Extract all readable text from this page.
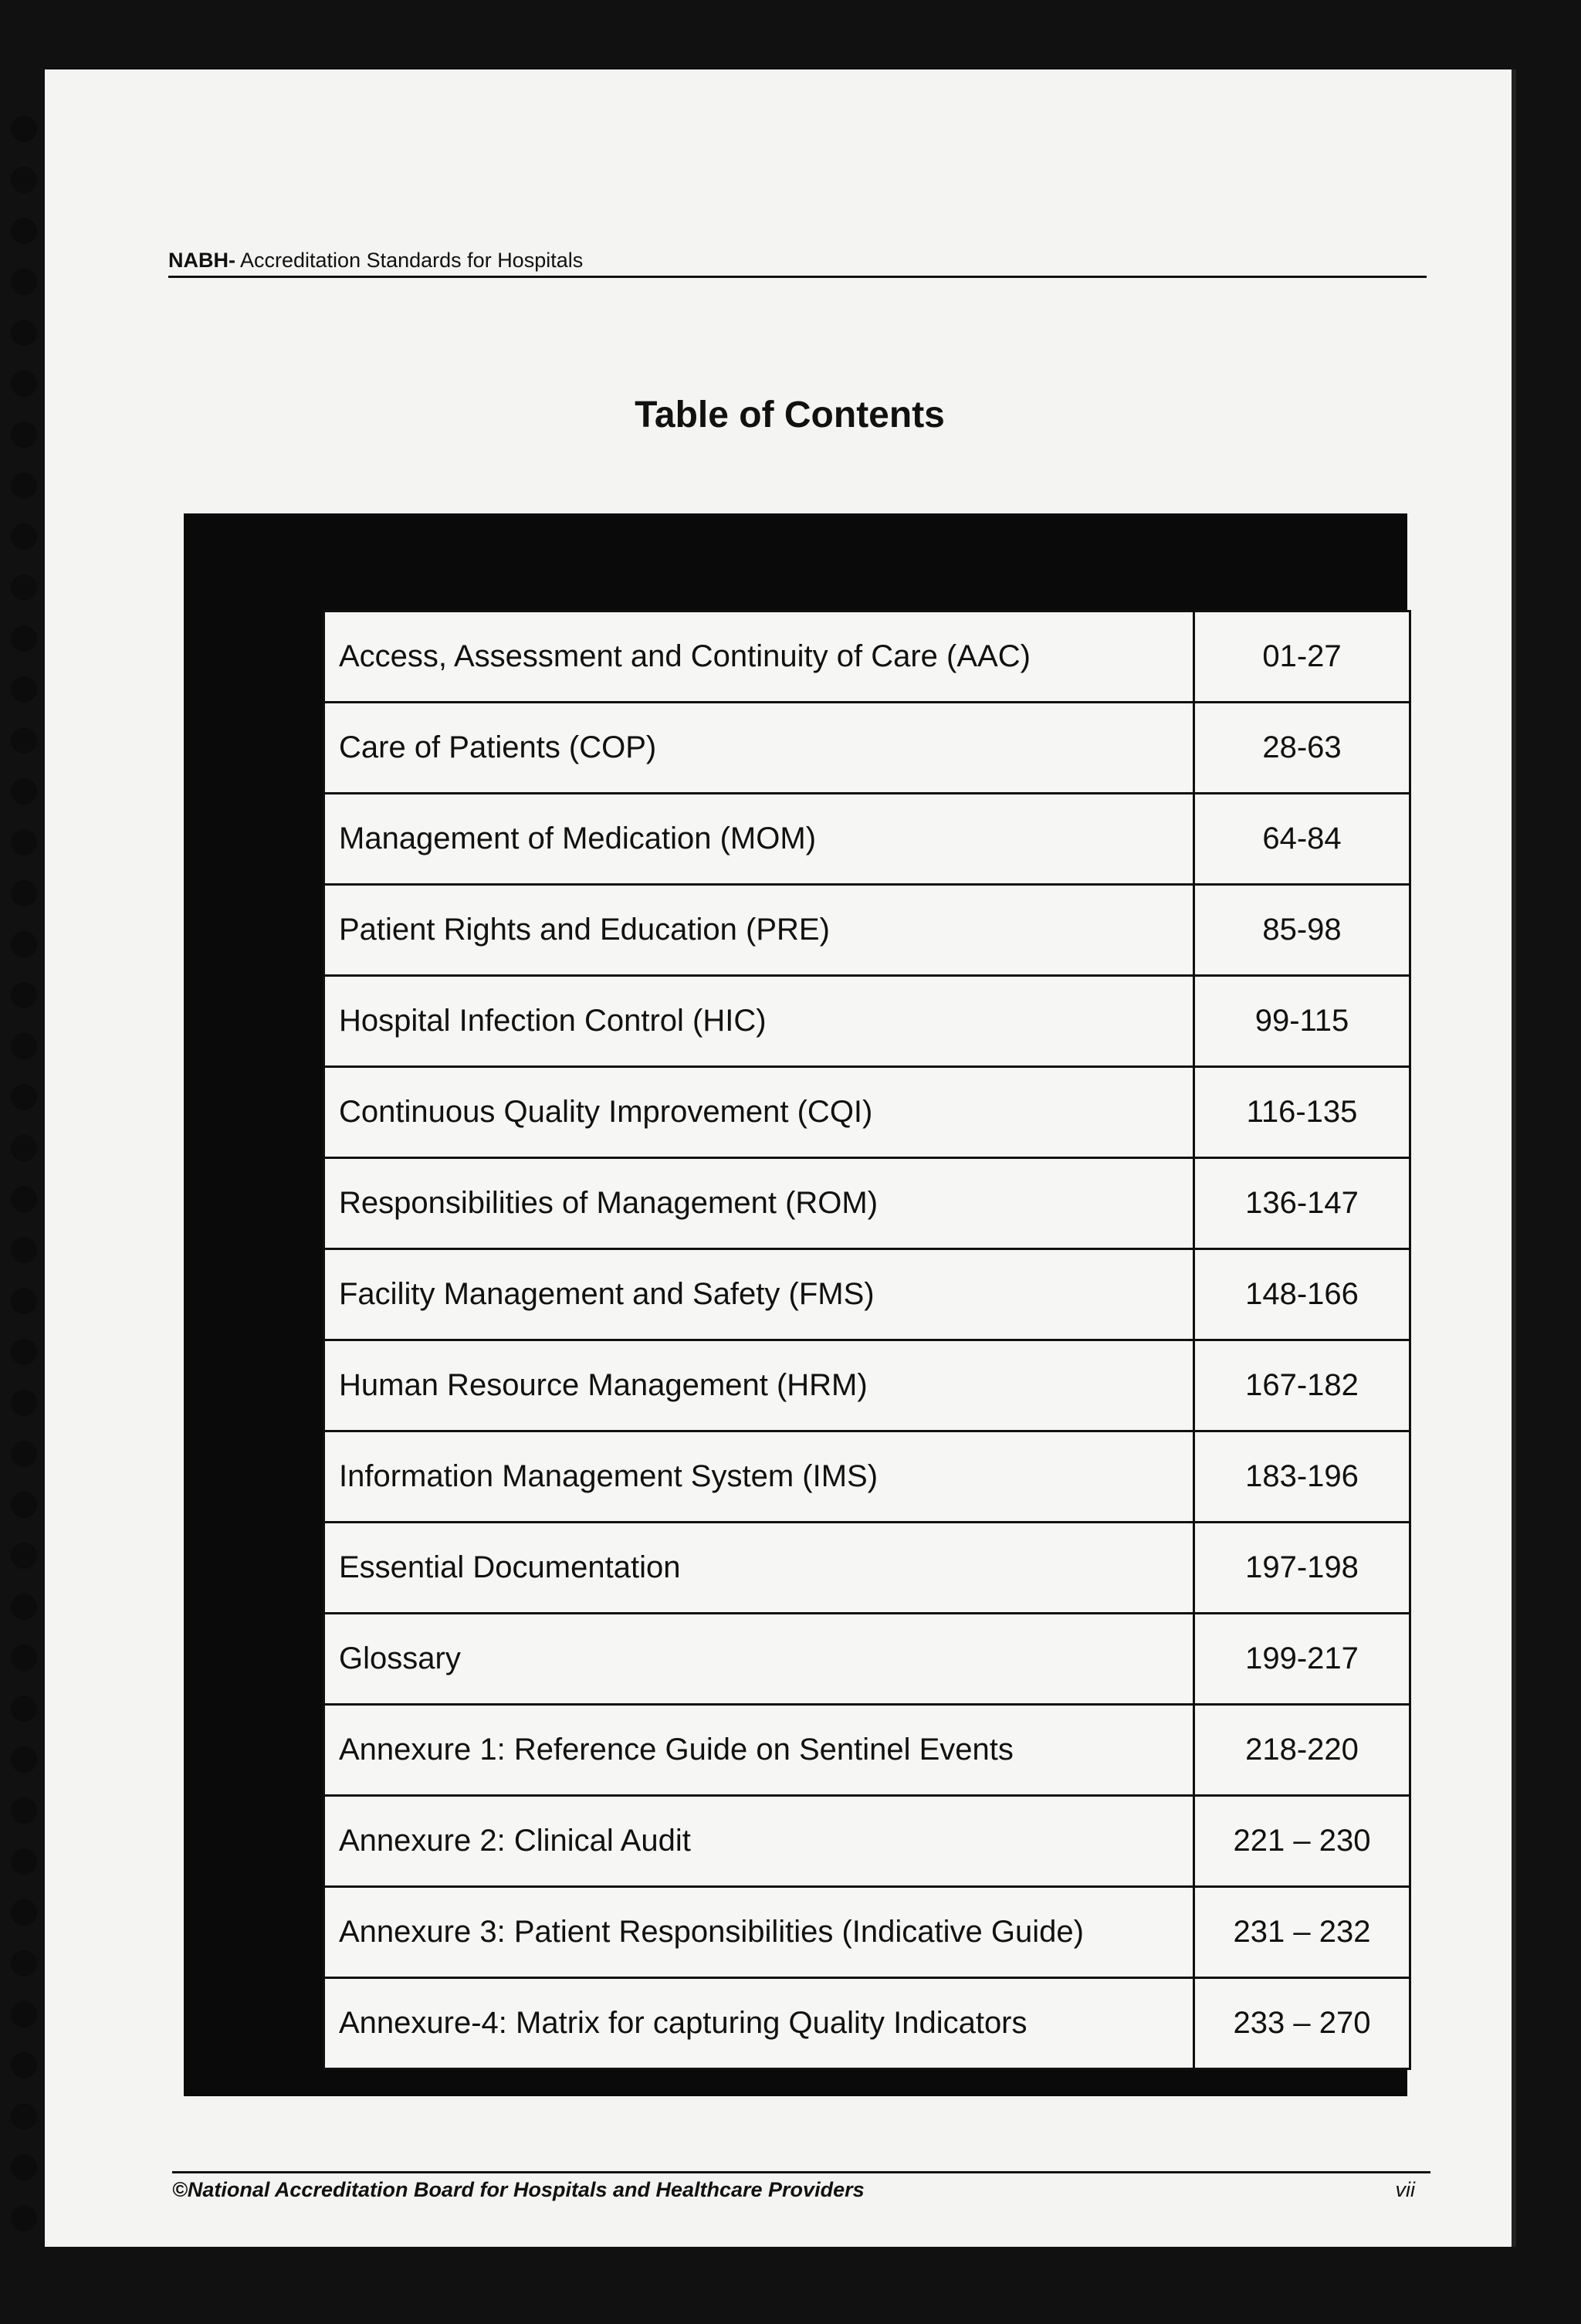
NABH- Accreditation Standards for Hospitals
Table of Contents
Access, Assessment and Continuity of Care (AAC)	01-27
Care of Patients (COP)	28-63
Management of Medication (MOM)	64-84
Patient Rights and Education (PRE)	85-98
Hospital Infection Control (HIC)	99-115
Continuous Quality Improvement (CQI)	116-135
Responsibilities of Management (ROM)	136-147
Facility Management and Safety (FMS)	148-166
Human Resource Management (HRM)	167-182
Information Management System (IMS)	183-196
Essential Documentation	197-198
Glossary	199-217
Annexure 1: Reference Guide on Sentinel Events	218-220
Annexure 2: Clinical Audit	221 – 230
Annexure 3: Patient Responsibilities (Indicative Guide)	231 – 232
Annexure-4: Matrix for capturing Quality Indicators	233 – 270
©National Accreditation Board for Hospitals and Healthcare Providers	vii
